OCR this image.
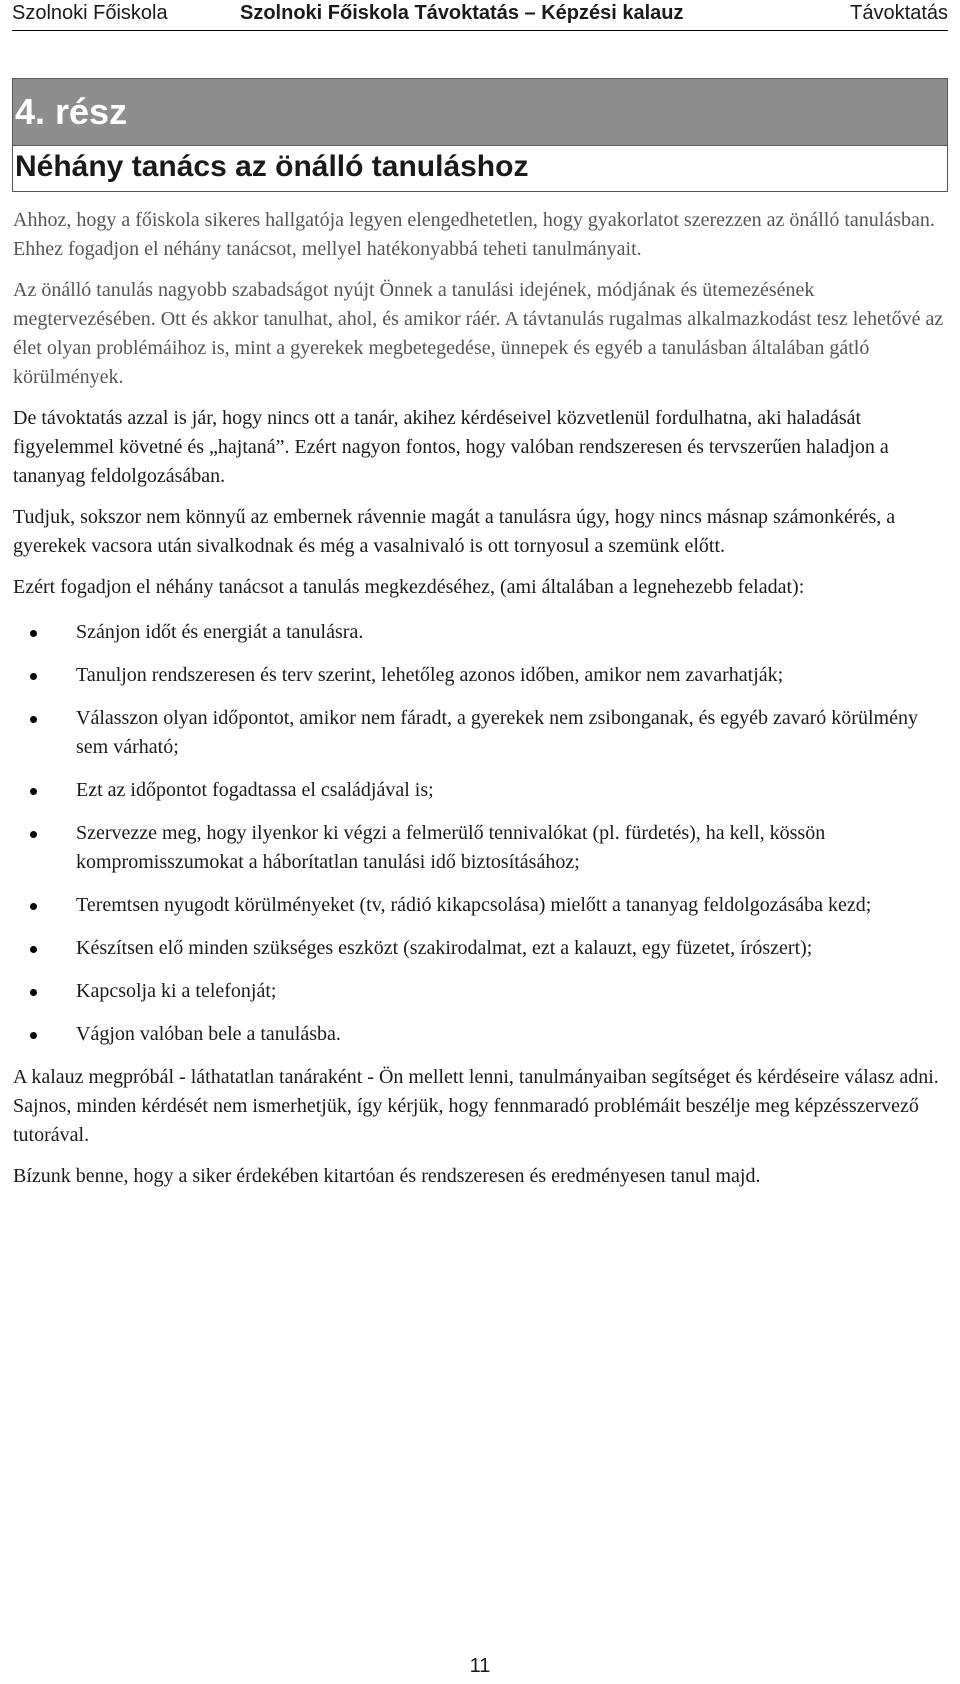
Szolnoki Főiskola	Szolnoki Főiskola Távoktatás – Képzési kalauz	Távoktatás
4. rész
Néhány tanács az önálló tanuláshoz

Ahhoz, hogy a főiskola sikeres hallgatója legyen elengedhetetlen, hogy gyakorlatot szerezzen az önálló tanulásban. Ehhez fogadjon el néhány tanácsot, mellyel hatékonyabbá teheti tanulmányait.

Az önálló tanulás nagyobb szabadságot nyújt Önnek a tanulási idejének, módjának és ütemezésének megtervezésében. Ott és akkor tanulhat, ahol, és amikor ráér. A távtanulás rugalmas alkalmazkodást tesz lehetővé az élet olyan problémáihoz is, mint a gyerekek megbetegedése, ünnepek és egyéb a tanulásban általában gátló körülmények.

De távoktatás azzal is jár, hogy nincs ott a tanár, akihez kérdéseivel közvetlenül fordulhatna, aki haladását figyelemmel követné és „hajtaná”. Ezért nagyon fontos, hogy valóban rendszeresen és tervszerűen haladjon a tananyag feldolgozásában.

Tudjuk, sokszor nem könnyű az embernek rávennie magát a tanulásra úgy, hogy nincs másnap számonkérés, a gyerekek vacsora után sivalkodnak és még a vasalnivaló is ott tornyosul a szemünk előtt.

Ezért fogadjon el néhány tanácsot a tanulás megkezdéséhez, (ami általában a legnehezebb feladat):

Szánjon időt és energiát a tanulásra.
Tanuljon rendszeresen és terv szerint, lehetőleg azonos időben, amikor nem zavarhatják;
Válasszon olyan időpontot, amikor nem fáradt, a gyerekek nem zsibonganak, és egyéb zavaró körülmény sem várható;
Ezt az időpontot fogadtassa el családjával is;
Szervezze meg, hogy ilyenkor ki végzi a felmerülő tennivalókat (pl. fürdetés), ha kell, kössön kompromisszumokat a háborítatlan tanulási idő biztosításához;
Teremtsen nyugodt körülményeket (tv, rádió kikapcsolása) mielőtt a tananyag feldolgozásába kezd;
Készítsen elő minden szükséges eszközt (szakirodalmat, ezt a kalauzt, egy füzetet, írószert);
Kapcsolja ki a telefonját;
Vágjon valóban bele a tanulásba.

A kalauz megpróbál - láthatatlan tanáraként - Ön mellett lenni, tanulmányaiban segítséget és kérdéseire válasz adni. Sajnos, minden kérdését nem ismerhetjük, így kérjük, hogy fennmaradó problémáit beszélje meg képzésszervező tutorával.

Bízunk benne, hogy a siker érdekében kitartóan és rendszeresen és eredményesen tanul majd.

11
